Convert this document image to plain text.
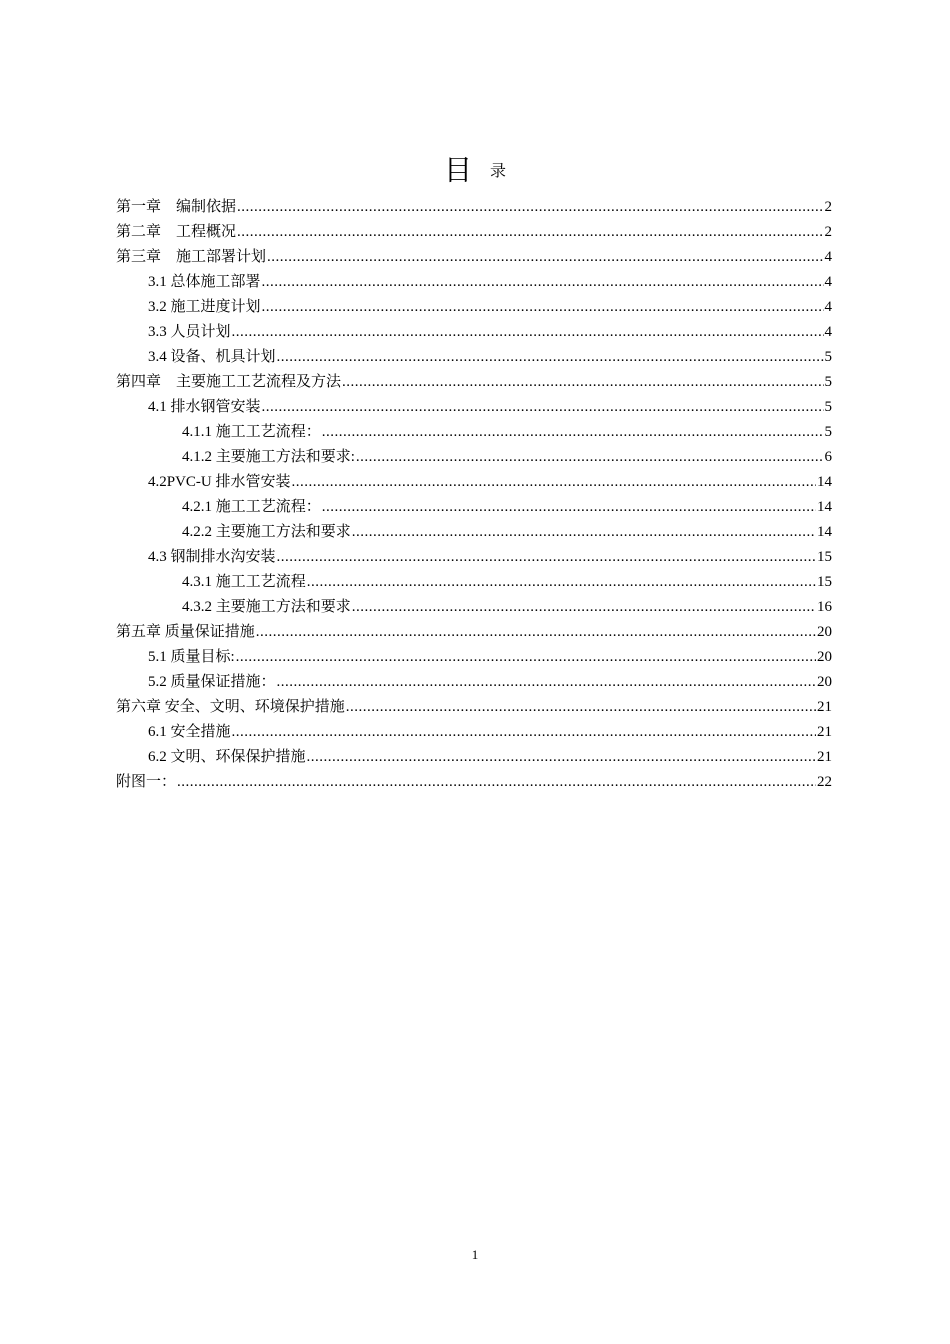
目 录
第一章　编制依据 .....	2
第二章　工程概况 .....	2
第三章　施工部署计划 .....	4
3.1 总体施工部署 .....	4
3.2 施工进度计划 .....	4
3.3 人员计划 .....	4
3.4 设备、机具计划 .....	5
第四章　主要施工工艺流程及方法 .....	5
4.1 排水钢管安装 .....	5
4.1.1 施工工艺流程： .....	5
4.1.2 主要施工方法和要求: .....	6
4.2PVC-U 排水管安装 .....	14
4.2.1 施工工艺流程： .....	14
4.2.2 主要施工方法和要求 .....	14
4.3 钢制排水沟安装 .....	15
4.3.1 施工工艺流程 .....	15
4.3.2 主要施工方法和要求 .....	16
第五章 质量保证措施 .....	20
5.1 质量目标: .....	20
5.2 质量保证措施： .....	20
第六章 安全、文明、环境保护措施 .....	21
6.1 安全措施 .....	21
6.2 文明、环保保护措施 .....	21
附图一： .....	22
1
